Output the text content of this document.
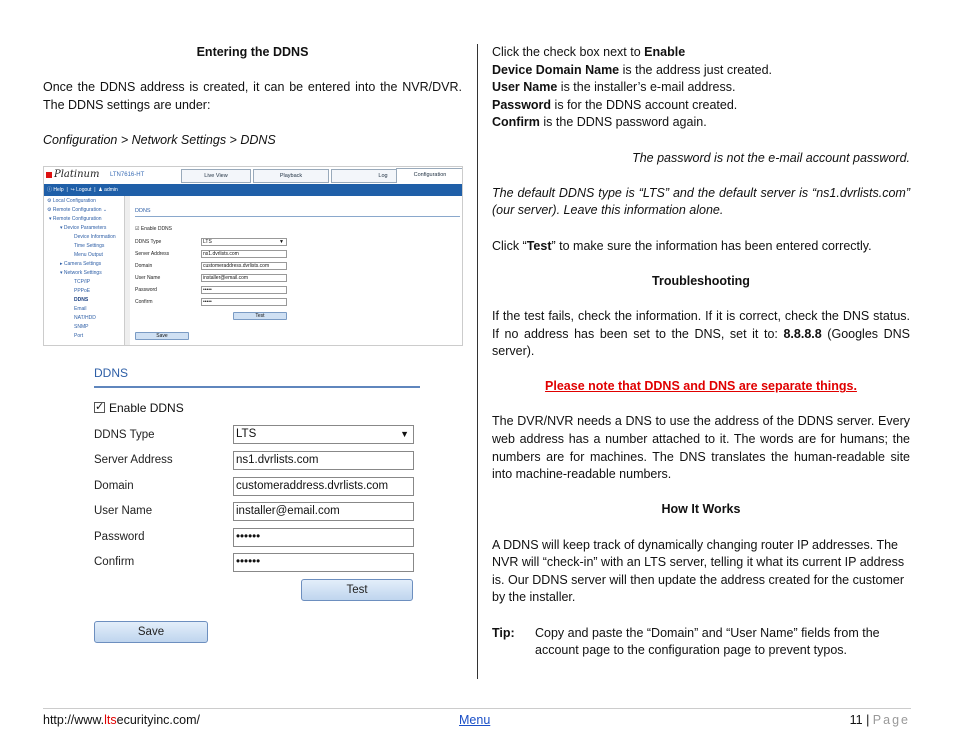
Entering the DDNS
Once the DDNS address is created, it can be entered into the NVR/DVR. The DDNS settings are under:
Configuration > Network Settings > DDNS
Platinum LTN7616-HT	Live View	Playback	Log	Configuration
ⓘ Help  |  ↪ Logout  |  ♟ admin
⚙ Local Configuration
⚙ Remote Configuration ⌄
▾ Remote Configuration
▾ Device Parameters
Device Information
Time Settings
Menu Output
▸ Camera Settings
▾ Network Settings
TCP/IP
PPPoE
DDNS
Email
NAT/HDD
SNMP
Port
DDNS
☑ Enable DDNS
DDNS Type	LTS	▼
Server Address	ns1.dvrlists.com
Domain	customeraddress.dvrlists.com
User Name	installer@email.com
Password	•••••
Confirm	•••••
Test
Save
DDNS
✓Enable DDNS
DDNS Type	LTS	▼
Server Address	ns1.dvrlists.com
Domain	customeraddress.dvrlists.com
User Name	installer@email.com
Password	••••••
Confirm	••••••
Test
Save
Click the check box next to Enable
Device Domain Name is the address just created.
User Name is the installer’s e-mail address.
Password is for the DDNS account created.
Confirm is the DDNS password again.
The password is not the e-mail account password.
The default DDNS type is “LTS” and the default server is “ns1.dvrlists.com” (our server). Leave this information alone.
Click “Test” to make sure the information has been entered correctly.
Troubleshooting
If the test fails, check the information. If it is correct, check the DNS status. If no address has been set to the DNS, set it to: 8.8.8.8 (Googles DNS server).
Please note that DDNS and DNS are separate things.
The DVR/NVR needs a DNS to use the address of the DDNS server. Every web address has a number attached to it. The words are for humans; the numbers are for machines. The DNS translates the human-readable site into machine-readable numbers.
How It Works
A DDNS will keep track of dynamically changing router IP addresses. The NVR will “check-in” with an LTS server, telling it what its current IP address is. Our DDNS server will then update the address created for the customer by the installer.
Tip:	Copy and paste the “Domain” and “User Name” fields from the account page to the configuration page to prevent typos.
http://www.ltsecurityinc.com/	Menu	11 | Page
